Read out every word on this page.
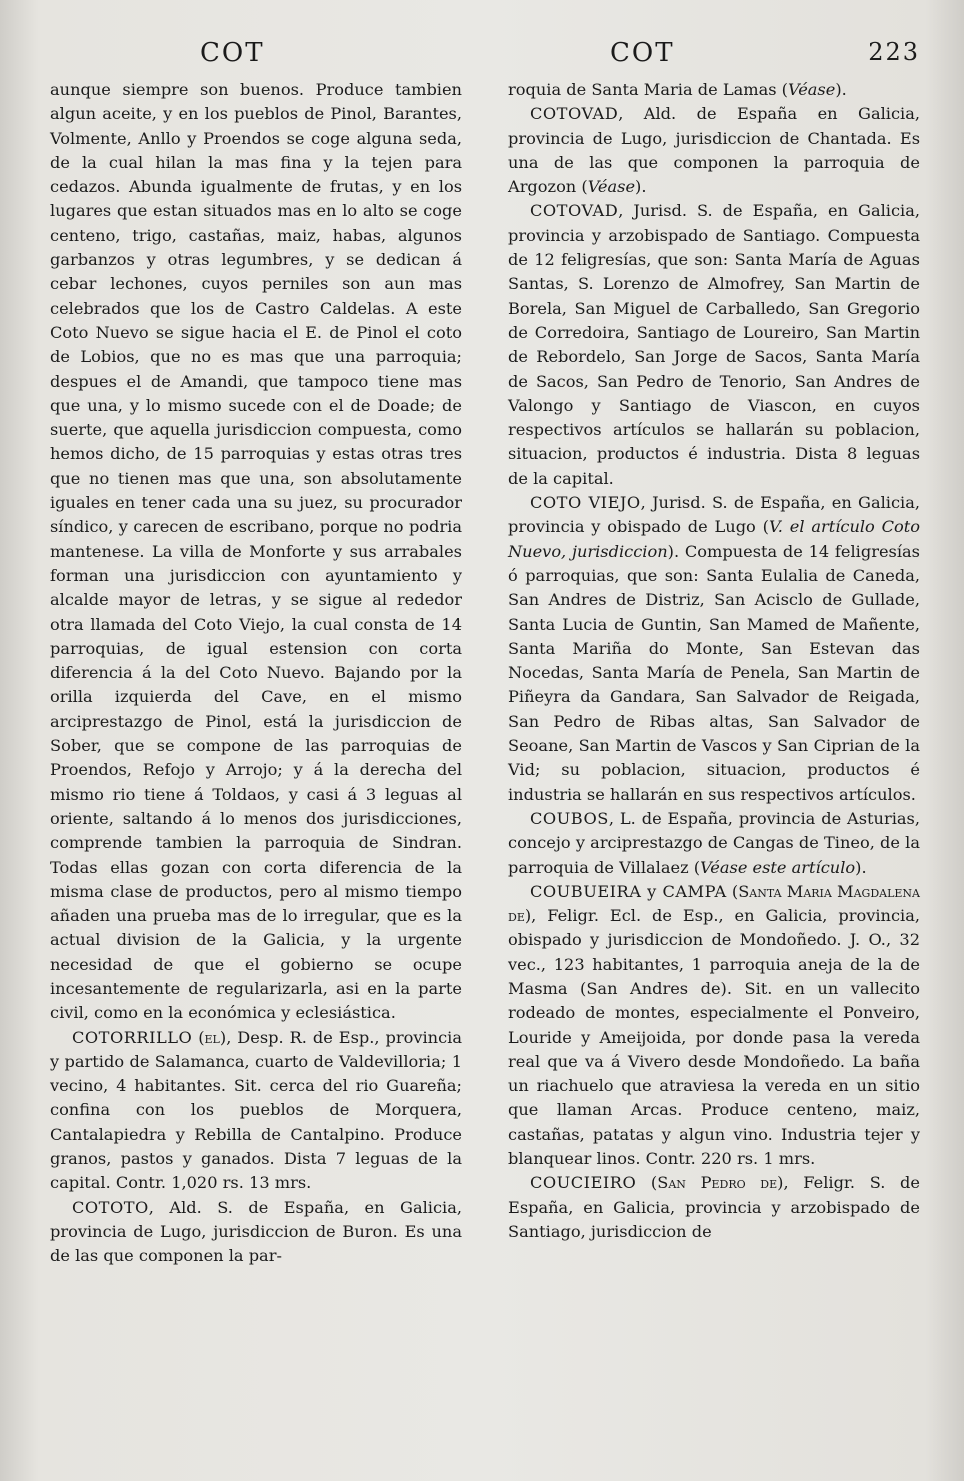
COT	COT	223

aunque siempre son buenos. Produce tambien algun aceite, y en los pueblos de Pinol, Barantes, Volmente, Anllo y Proendos se coge alguna seda, de la cual hilan la mas fina y la tejen para cedazos. Abunda igualmente de frutas, y en los lugares que estan situados mas en lo alto se coge centeno, trigo, castañas, maiz, habas, algunos garbanzos y otras legumbres, y se dedican á cebar lechones, cuyos perniles son aun mas celebrados que los de Castro Caldelas. A este Coto Nuevo se sigue hacia el E. de Pinol el coto de Lobios, que no es mas que una parroquia; despues el de Amandi, que tampoco tiene mas que una, y lo mismo sucede con el de Doade; de suerte, que aquella jurisdiccion compuesta, como hemos dicho, de 15 parroquias y estas otras tres que no tienen mas que una, son absolutamente iguales en tener cada una su juez, su procurador síndico, y carecen de escribano, porque no podria mantenese. La villa de Monforte y sus arrabales forman una jurisdiccion con ayuntamiento y alcalde mayor de letras, y se sigue al rededor otra llamada del Coto Viejo, la cual consta de 14 parroquias, de igual estension con corta diferencia á la del Coto Nuevo. Bajando por la orilla izquierda del Cave, en el mismo arciprestazgo de Pinol, está la jurisdiccion de Sober, que se compone de las parroquias de Proendos, Refojo y Arrojo; y á la derecha del mismo rio tiene á Toldaos, y casi á 3 leguas al oriente, saltando á lo menos dos jurisdicciones, comprende tambien la parroquia de Sindran. Todas ellas gozan con corta diferencia de la misma clase de productos, pero al mismo tiempo añaden una prueba mas de lo irregular, que es la actual division de la Galicia, y la urgente necesidad de que el gobierno se ocupe incesantemente de regularizarla, asi en la parte civil, como en la económica y eclesiástica.

COTORRILLO (el), Desp. R. de Esp., provincia y partido de Salamanca, cuarto de Valdevilloria; 1 vecino, 4 habitantes. Sit. cerca del rio Guareña; confina con los pueblos de Morquera, Cantalapiedra y Rebilla de Cantalpino. Produce granos, pastos y ganados. Dista 7 leguas de la capital. Contr. 1,020 rs. 13 mrs.

COTOTO, Ald. S. de España, en Galicia, provincia de Lugo, jurisdiccion de Buron. Es una de las que componen la par-

roquia de Santa Maria de Lamas (Véase).

COTOVAD, Ald. de España en Galicia, provincia de Lugo, jurisdiccion de Chantada. Es una de las que componen la parroquia de Argozon (Véase).

COTOVAD, Jurisd. S. de España, en Galicia, provincia y arzobispado de Santiago. Compuesta de 12 feligresías, que son: Santa María de Aguas Santas, S. Lorenzo de Almofrey, San Martin de Borela, San Miguel de Carballedo, San Gregorio de Corredoira, Santiago de Loureiro, San Martin de Rebordelo, San Jorge de Sacos, Santa María de Sacos, San Pedro de Tenorio, San Andres de Valongo y Santiago de Viascon, en cuyos respectivos artículos se hallarán su poblacion, situacion, productos é industria. Dista 8 leguas de la capital.

COTO VIEJO, Jurisd. S. de España, en Galicia, provincia y obispado de Lugo (V. el artículo Coto Nuevo, jurisdiccion). Compuesta de 14 feligresías ó parroquias, que son: Santa Eulalia de Caneda, San Andres de Distriz, San Acisclo de Gullade, Santa Lucia de Guntin, San Mamed de Mañente, Santa Mariña do Monte, San Estevan das Nocedas, Santa María de Penela, San Martin de Piñeyra da Gandara, San Salvador de Reigada, San Pedro de Ribas altas, San Salvador de Seoane, San Martin de Vascos y San Ciprian de la Vid; su poblacion, situacion, productos é industria se hallarán en sus respectivos artículos.

COUBOS, L. de España, provincia de Asturias, concejo y arciprestazgo de Cangas de Tineo, de la parroquia de Villalaez (Véase este artículo).

COUBUEIRA y CAMPA (Santa Maria Magdalena de), Feligr. Ecl. de Esp., en Galicia, provincia, obispado y jurisdiccion de Mondoñedo. J. O., 32 vec., 123 habitantes, 1 parroquia aneja de la de Masma (San Andres de). Sit. en un vallecito rodeado de montes, especialmente el Ponveiro, Louride y Ameijoida, por donde pasa la vereda real que va á Vivero desde Mondoñedo. La baña un riachuelo que atraviesa la vereda en un sitio que llaman Arcas. Produce centeno, maiz, castañas, patatas y algun vino. Industria tejer y blanquear linos. Contr. 220 rs. 1 mrs.

COUCIEIRO (San Pedro de), Feligr. S. de España, en Galicia, provincia y arzobispado de Santiago, jurisdiccion de
